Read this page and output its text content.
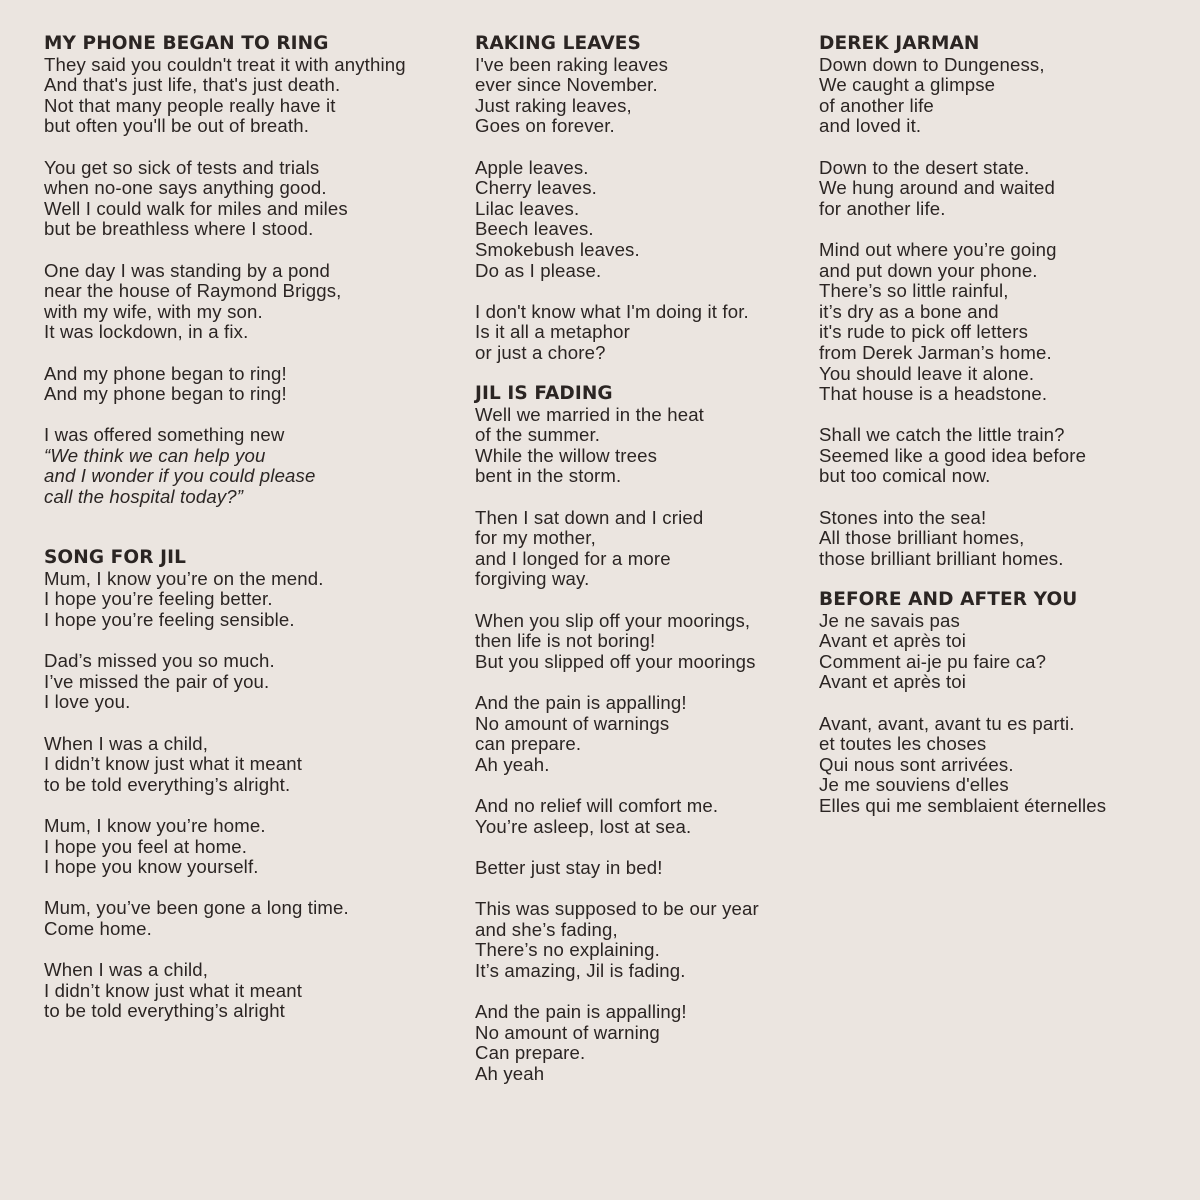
MY PHONE BEGAN TO RING
They said you couldn't treat it with anything
And that's just life, that's just death.
Not that many people really have it
but often you'll be out of breath.
You get so sick of tests and trials
when no-one says anything good.
Well I could walk for miles and miles
but be breathless where I stood.
One day I was standing by a pond
near the house of Raymond Briggs,
with my wife, with my son.
It was lockdown, in a fix.
And my phone began to ring!
And my phone began to ring!
I was offered something new
“We think we can help you
and I wonder if you could please
call the hospital today?”
SONG FOR JIL
Mum, I know you’re on the mend.
I hope you’re feeling better.
I hope you’re feeling sensible.
Dad’s missed you so much.
I’ve missed the pair of you.
I love you.
When I was a child,
I didn’t know just what it meant
to be told everything’s alright.
Mum, I know you’re home.
I hope you feel at home.
I hope you know yourself.
Mum, you’ve been gone a long time.
Come home.
When I was a child,
I didn’t know just what it meant
to be told everything’s alright
RAKING LEAVES
I've been raking leaves
ever since November.
Just raking leaves,
Goes on forever.
Apple leaves.
Cherry leaves.
Lilac leaves.
Beech leaves.
Smokebush leaves.
Do as I please.
I don't know what I'm doing it for.
Is it all a metaphor
or just a chore?
JIL IS FADING
Well we married in the heat
of the summer.
While the willow trees
bent in the storm.
Then I sat down and I cried
for my mother,
and I longed for a more
forgiving way.
When you slip off your moorings,
then life is not boring!
But you slipped off your moorings
And the pain is appalling!
No amount of warnings
can prepare.
Ah yeah.
And no relief will comfort me.
You’re asleep, lost at sea.
Better just stay in bed!
This was supposed to be our year
and she’s fading,
There’s no explaining.
It’s amazing, Jil is fading.
And the pain is appalling!
No amount of warning
Can prepare.
Ah yeah
DEREK JARMAN
Down down to Dungeness,
We caught a glimpse
of another life
and loved it.
Down to the desert state.
We hung around and waited
for another life.
Mind out where you’re going
and put down your phone.
There’s so little rainful,
it’s dry as a bone and
it's rude to pick off letters
from Derek Jarman’s home.
You should leave it alone.
That house is a headstone.
Shall we catch the little train?
Seemed like a good idea before
but too comical now.
Stones into the sea!
All those brilliant homes,
those brilliant brilliant homes.
BEFORE AND AFTER YOU
Je ne savais pas
Avant et après toi
Comment ai-je pu faire ca?
Avant et après toi
Avant, avant, avant tu es parti.
et toutes les choses
Qui nous sont arrivées.
Je me souviens d'elles
Elles qui me semblaient éternelles
